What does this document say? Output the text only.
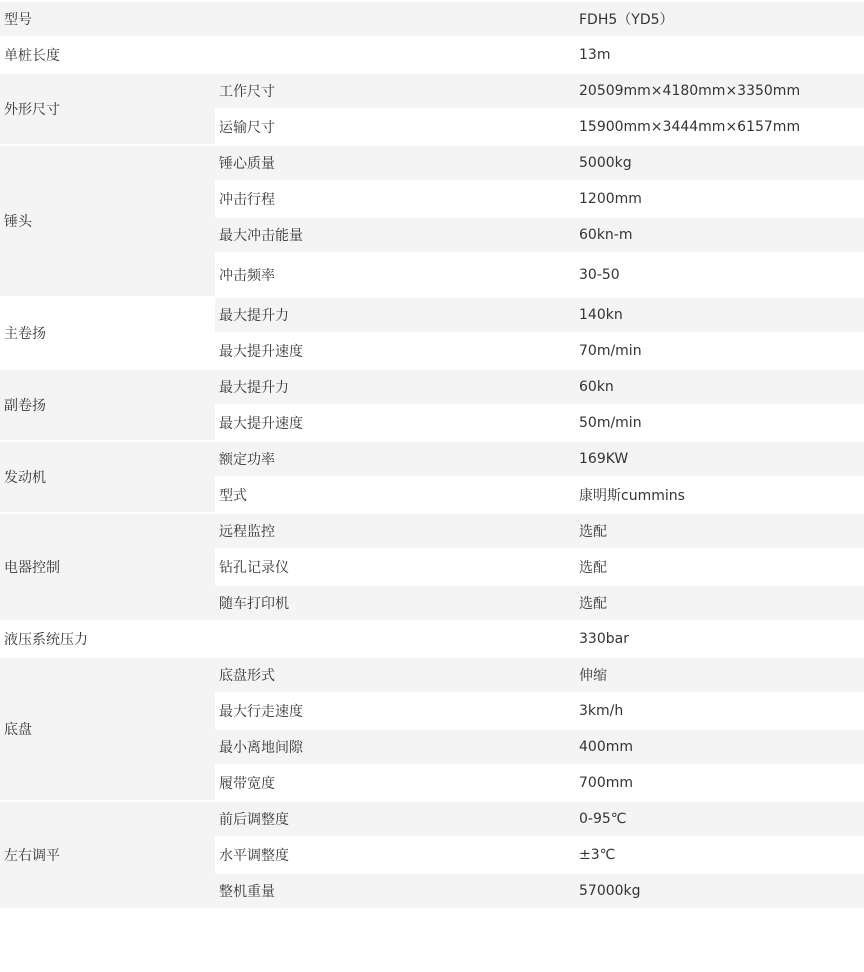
型号		FDH5（YD5）
单桩长度		13m
外形尺寸	工作尺寸	20509mm×4180mm×3350mm
	运输尺寸	15900mm×3444mm×6157mm
锤头	锤心质量	5000kg
	冲击行程	1200mm
	最大冲击能量	60kn-m
	冲击频率	30-50
主卷扬	最大提升力	140kn
	最大提升速度	70m/min
副卷扬	最大提升力	60kn
	最大提升速度	50m/min
发动机	额定功率	169KW
	型式	康明斯cummins
电器控制	远程监控	选配
	钻孔记录仪	选配
	随车打印机	选配
液压系统压力		330bar
底盘	底盘形式	伸缩
	最大行走速度	3km/h
	最小离地间隙	400mm
	履带宽度	700mm
左右调平	前后调整度	0-95℃
	水平调整度	±3℃
	整机重量	57000kg
